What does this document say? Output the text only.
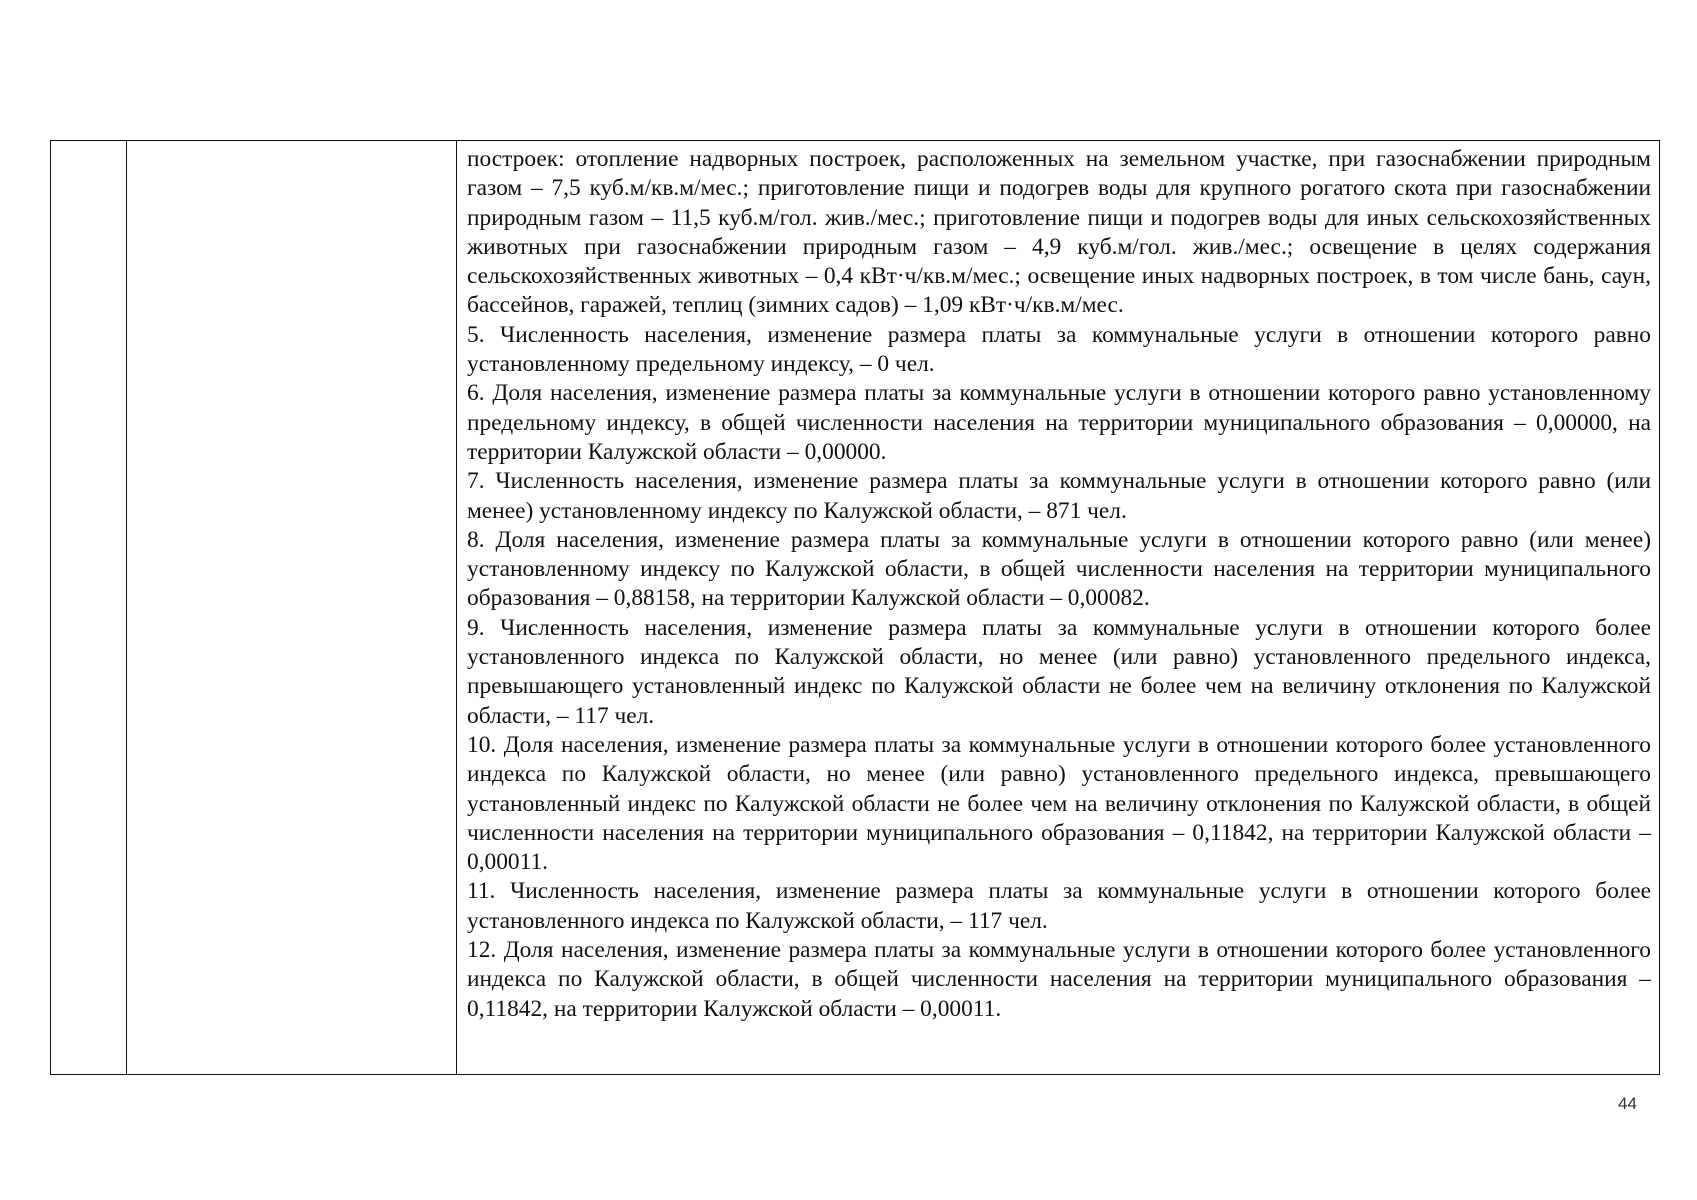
построек: отопление надворных построек, расположенных на земельном участке, при газоснабжении природным газом – 7,5 куб.м/кв.м/мес.; приготовление пищи и подогрев воды для крупного рогатого скота при газоснабжении природным газом – 11,5 куб.м/гол. жив./мес.; приготовление пищи и подогрев воды для иных сельскохозяйственных животных при газоснабжении природным газом – 4,9 куб.м/гол. жив./мес.; освещение в целях содержания сельскохозяйственных животных – 0,4 кВт·ч/кв.м/мес.; освещение иных надворных построек, в том числе бань, саун, бассейнов, гаражей, теплиц (зимних садов) – 1,09 кВт·ч/кв.м/мес.

5. Численность населения, изменение размера платы за коммунальные услуги в отношении которого равно установленному предельному индексу, – 0 чел.

6. Доля населения, изменение размера платы за коммунальные услуги в отношении которого равно установленному предельному индексу, в общей численности населения на территории муниципального образования – 0,00000, на территории Калужской области – 0,00000.

7. Численность населения, изменение размера платы за коммунальные услуги в отношении которого равно (или менее) установленному индексу по Калужской области, – 871 чел.

8. Доля населения, изменение размера платы за коммунальные услуги в отношении которого равно (или менее) установленному индексу по Калужской области, в общей численности населения на территории муниципального образования – 0,88158, на территории Калужской области – 0,00082.

9. Численность населения, изменение размера платы за коммунальные услуги в отношении которого более установленного индекса по Калужской области, но менее (или равно) установленного предельного индекса, превышающего установленный индекс по Калужской области не более чем на величину отклонения по Калужской области, – 117 чел.

10. Доля населения, изменение размера платы за коммунальные услуги в отношении которого более установленного индекса по Калужской области, но менее (или равно) установленного предельного индекса, превышающего установленный индекс по Калужской области не более чем на величину отклонения по Калужской области, в общей численности населения на территории муниципального образования – 0,11842, на территории Калужской области – 0,00011.

11. Численность населения, изменение размера платы за коммунальные услуги в отношении которого более установленного индекса по Калужской области, – 117 чел.

12. Доля населения, изменение размера платы за коммунальные услуги в отношении которого более установленного индекса по Калужской области, в общей численности населения на территории муниципального образования – 0,11842, на территории Калужской области – 0,00011.

44
